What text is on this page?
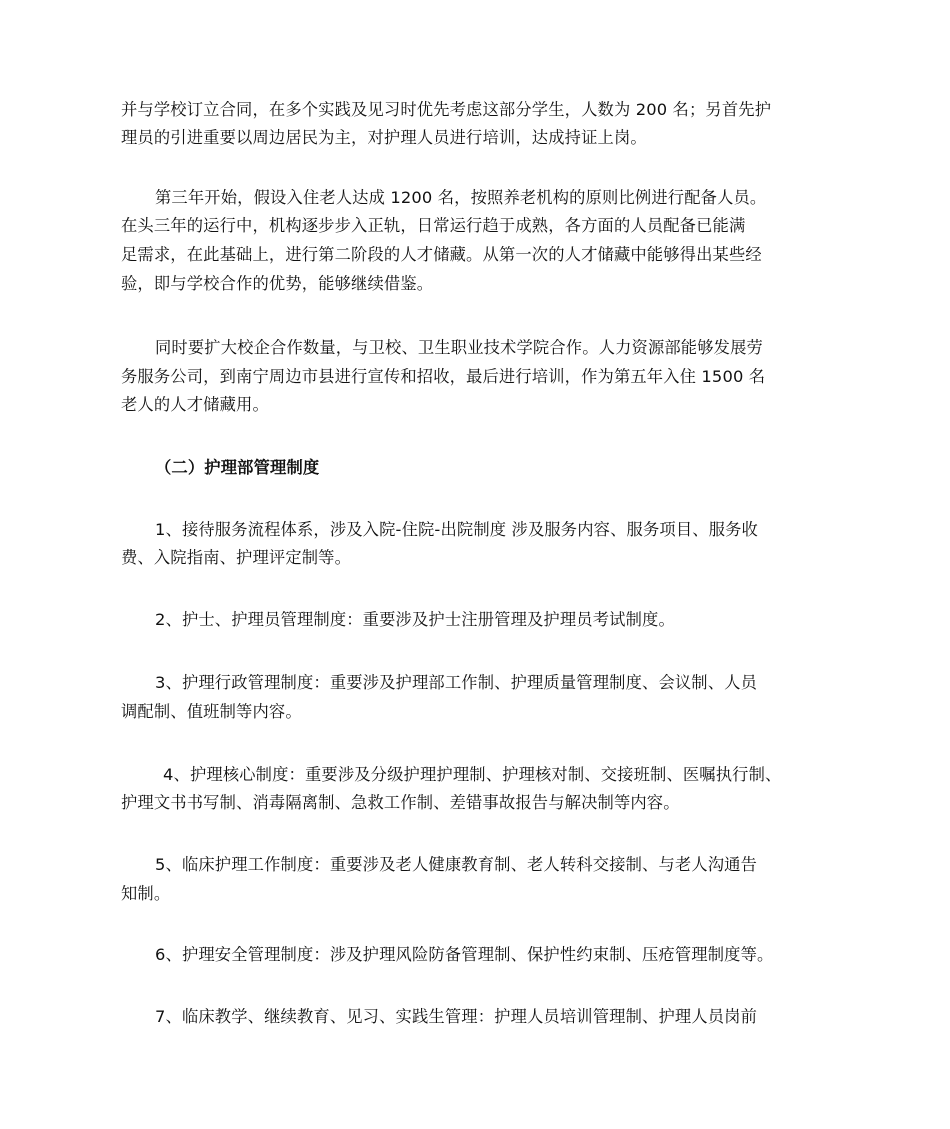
并与学校订立合同，在多个实践及见习时优先考虑这部分学生，人数为 200 名；另首先护
理员的引进重要以周边居民为主，对护理人员进行培训，达成持证上岗。
第三年开始，假设入住老人达成 1200 名，按照养老机构的原则比例进行配备人员。
在头三年的运行中，机构逐步步入正轨，日常运行趋于成熟，各方面的人员配备已能满
足需求，在此基础上，进行第二阶段的人才储藏。从第一次的人才储藏中能够得出某些经
验，即与学校合作的优势，能够继续借鉴。
同时要扩大校企合作数量，与卫校、卫生职业技术学院合作。人力资源部能够发展劳
务服务公司，到南宁周边市县进行宣传和招收，最后进行培训，作为第五年入住 1500 名
老人的人才储藏用。
（二）护理部管理制度
1、接待服务流程体系，涉及入院-住院-出院制度 涉及服务内容、服务项目、服务收
费、入院指南、护理评定制等。
2、护士、护理员管理制度：重要涉及护士注册管理及护理员考试制度。
3、护理行政管理制度：重要涉及护理部工作制、护理质量管理制度、会议制、人员
调配制、值班制等内容。
4、护理核心制度：重要涉及分级护理护理制、护理核对制、交接班制、医嘱执行制、
护理文书书写制、消毒隔离制、急救工作制、差错事故报告与解决制等内容。
5、临床护理工作制度：重要涉及老人健康教育制、老人转科交接制、与老人沟通告
知制。
6、护理安全管理制度：涉及护理风险防备管理制、保护性约束制、压疮管理制度等。
7、临床教学、继续教育、见习、实践生管理：护理人员培训管理制、护理人员岗前
